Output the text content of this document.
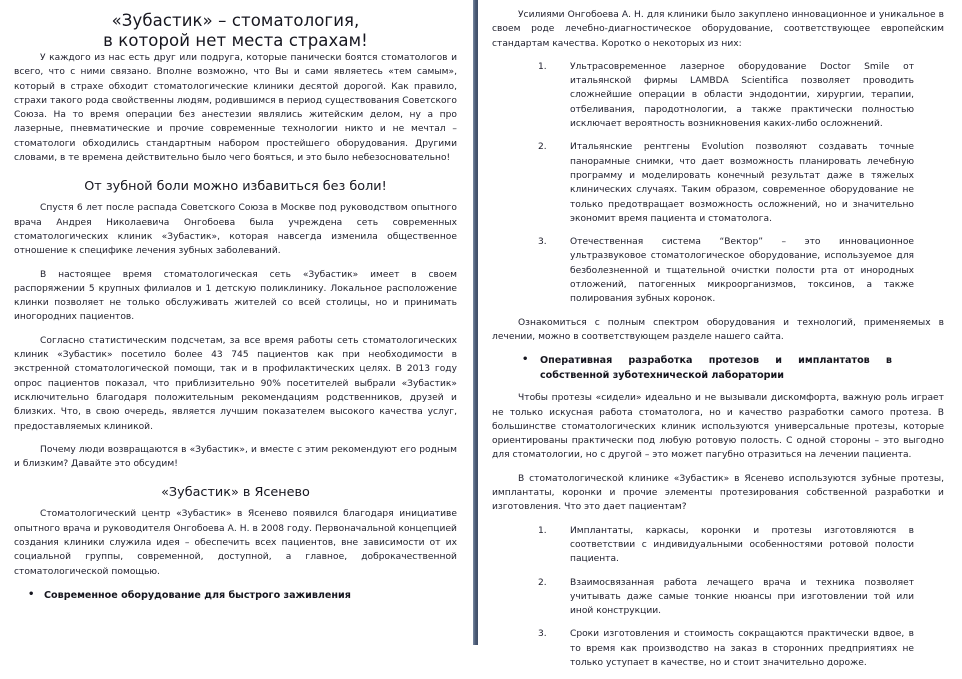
«Зубастик» – стоматология,
в которой нет места страхам!

У каждого из нас есть друг или подруга, которые панически боятся стоматологов и всего, что с ними связано. Вполне возможно, что Вы и сами являетесь «тем самым», который в страхе обходит стоматологические клиники десятой дорогой. Как правило, страхи такого рода свойственны людям, родившимся в период существования Советского Союза. На то время операции без анестезии являлись житейским делом, ну а про лазерные, пневматические и прочие современные технологии никто и не мечтал – стоматологи обходились стандартным набором простейшего оборудования. Другими словами, в те времена действительно было чего бояться, и это было небезосновательно!

От зубной боли можно избавиться без боли!

Спустя 6 лет после распада Советского Союза в Москве под руководством опытного врача Андрея Николаевича Онгобоева была учреждена сеть современных стоматологических клиник «Зубастик», которая навсегда изменила общественное отношение к специфике лечения зубных заболеваний.

В настоящее время стоматологическая сеть «Зубастик» имеет в своем распоряжении 5 крупных филиалов и 1 детскую поликлинику. Локальное расположение клинки позволяет не только обслуживать жителей со всей столицы, но и принимать иногородних пациентов.

Согласно статистическим подсчетам, за все время работы сеть стоматологических клиник «Зубастик» посетило более 43 745 пациентов как при необходимости в экстренной стоматологической помощи, так и в профилактических целях. В 2013 году опрос пациентов показал, что приблизительно 90% посетителей выбрали «Зубастик» исключительно благодаря положительным рекомендациям родственников, друзей и близких. Что, в свою очередь, является лучшим показателем высокого качества услуг, предоставляемых клиникой.

Почему люди возвращаются в «Зубастик», и вместе с этим рекомендуют его родным и близким? Давайте это обсудим!

«Зубастик» в Ясенево

Стоматологический центр «Зубастик» в Ясенево появился благодаря инициативе опытного врача и руководителя Онгобоева А. Н. в 2008 году. Первоначальной концепцией создания клиники служила идея – обеспечить всех пациентов, вне зависимости от их социальной группы, современной, доступной, а главное, доброкачественной стоматологической помощью.

• Современное оборудование для быстрого заживления

Усилиями Онгобоева А. Н. для клиники было закуплено инновационное и уникальное в своем роде лечебно-диагностическое оборудование, соответствующее европейским стандартам качества. Коротко о некоторых из них:

Ультрасовременное лазерное оборудование Doctor Smile от итальянской фирмы LAMBDA Scientifica позволяет проводить сложнейшие операции в области эндодонтии, хирургии, терапии, отбеливания, пародотнологии, а также практически полностью исключает вероятность возникновения каких-либо осложнений.
Итальянские рентгены Evolution позволяют создавать точные панорамные снимки, что дает возможность планировать лечебную программу и моделировать конечный результат даже в тяжелых клинических случаях. Таким образом, современное оборудование не только предотвращает возможность осложнений, но и значительно экономит время пациента и стоматолога.
Отечественная система “Вектор” – это инновационное ультразвуковое стоматологическое оборудование, используемое для безболезненной и тщательной очистки полости рта от инородных отложений, патогенных микроорганизмов, токсинов, а также полирования зубных коронок.

Ознакомиться с полным спектром оборудования и технологий, применяемых в лечении, можно в соответствующем разделе нашего сайта.

• Оперативная разработка протезов и имплантатов в собственной зуботехнической лаборатории

Чтобы протезы «сидели» идеально и не вызывали дискомфорта, важную роль играет не только искусная работа стоматолога, но и качество разработки самого протеза. В большинстве стоматологических клиник используются универсальные протезы, которые ориентированы практически под любую ротовую полость. С одной стороны – это выгодно для стоматологии, но с другой – это может пагубно отразиться на лечении пациента.

В стоматологической клинике «Зубастик» в Ясенево используются зубные протезы, имплантаты, коронки и прочие элементы протезирования собственной разработки и изготовления. Что это дает пациентам?

Имплантаты, каркасы, коронки и протезы изготовляются в соответствии с индивидуальными особенностями ротовой полости пациента.
Взаимосвязанная работа лечащего врача и техника позволяет учитывать даже самые тонкие нюансы при изготовлении той или иной конструкции.
Сроки изготовления и стоимость сокращаются практически вдвое, в то время как производство на заказ в сторонних предприятиях не только уступает в качестве, но и стоит значительно дороже.
